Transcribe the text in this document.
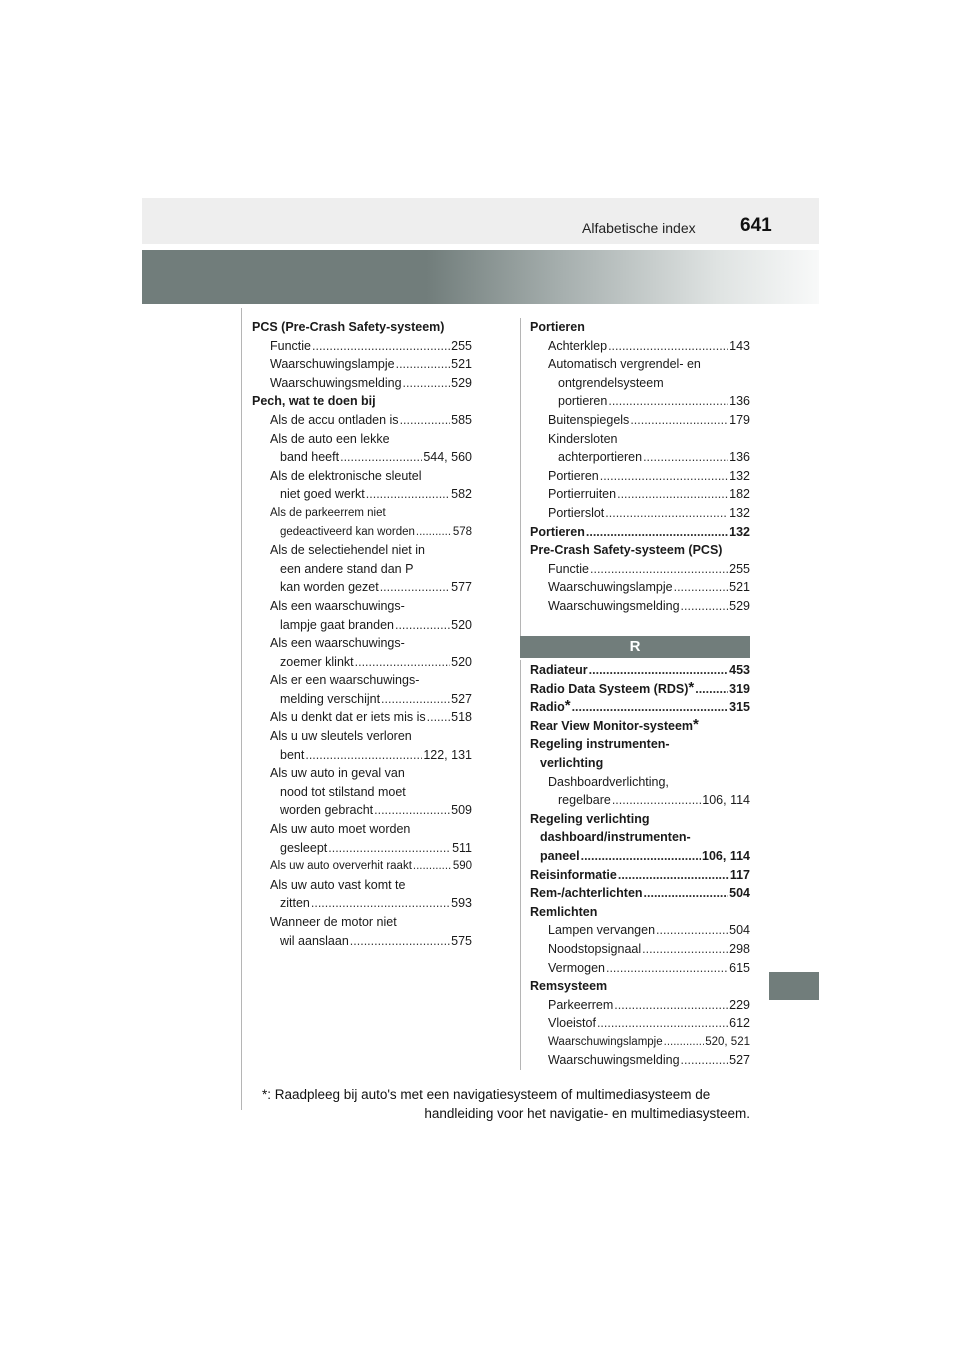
Alfabetische index 641
PCS (Pre-Crash Safety-systeem)
Functie .....	255
Waarschuwingslampje .....	521
Waarschuwingsmelding .....	529
Pech, wat te doen bij
Als de accu ontladen is .....	585
Als de auto een lekke
band heeft .....	544, 560
Als de elektronische sleutel
niet goed werkt .....	582
Als de parkeerrem niet
gedeactiveerd kan worden .....	578
Als de selectiehendel niet in
een andere stand dan P
kan worden gezet .....	577
Als een waarschuwings-
lampje gaat branden .....	520
Als een waarschuwings-
zoemer klinkt .....	520
Als er een waarschuwings-
melding verschijnt .....	527
Als u denkt dat er iets mis is ..... 518
Als u uw sleutels verloren
bent .....	122, 131
Als uw auto in geval van
nood tot stilstand moet
worden gebracht .....	509
Als uw auto moet worden
gesleept .....	511
Als uw auto oververhit raakt .....	590
Als uw auto vast komt te
zitten .....	593
Wanneer de motor niet
wil aanslaan .....	575
Portieren
Achterklep .....	143
Automatisch vergrendel- en
ontgrendelsysteem
portieren .....	136
Buitenspiegels .....	179
Kindersloten
achterportieren .....	136
Portieren .....	132
Portierruiten .....	182
Portierslot .....	132
Portieren .....	132
Pre-Crash Safety-systeem (PCS)
Functie .....	255
Waarschuwingslampje .....	521
Waarschuwingsmelding .....	529
R
Radiateur .....	453
Radio Data Systeem (RDS)* .....	319
Radio* .....	315
Rear View Monitor-systeem*
Regeling instrumenten-
verlichting
Dashboardverlichting,
regelbare .....	106, 114
Regeling verlichting
dashboard/instrumenten-
paneel .....	106, 114
Reisinformatie .....	117
Rem-/achterlichten .....	504
Remlichten
Lampen vervangen .....	504
Noodstopsignaal .....	298
Vermogen .....	615
Remsysteem
Parkeerrem .....	229
Vloeistof .....	612
Waarschuwingslampje .....	520, 521
Waarschuwingsmelding .....	527
*: Raadpleeg bij auto's met een navigatiesysteem of multimediasysteem de
handleiding voor het navigatie- en multimediasysteem.
